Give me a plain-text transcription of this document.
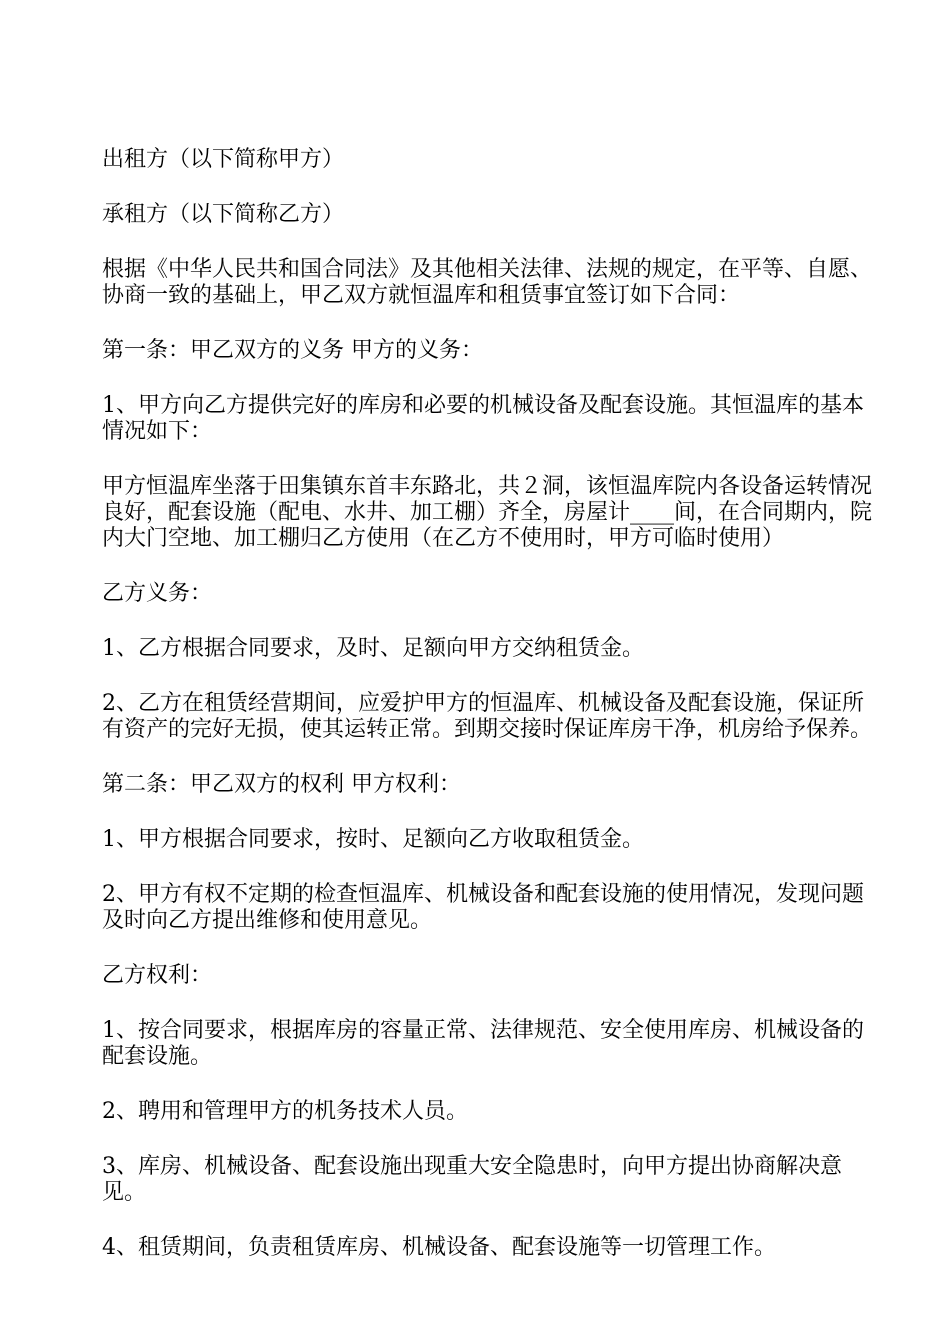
出租方（以下简称甲方）

承租方（以下简称乙方）

根据《中华人民共和国合同法》及其他相关法律、法规的规定，在平等、自愿、协商一致的基础上，甲乙双方就恒温库和租赁事宜签订如下合同：

第一条：甲乙双方的义务 甲方的义务：

1、甲方向乙方提供完好的库房和必要的机械设备及配套设施。其恒温库的基本情况如下：

甲方恒温库坐落于田集镇东首丰东路北，共２洞，该恒温库院内各设备运转情况良好，配套设施（配电、水井、加工棚）齐全，房屋计____间，在合同期内，院内大门空地、加工棚归乙方使用（在乙方不使用时，甲方可临时使用）

乙方义务：

1、乙方根据合同要求，及时、足额向甲方交纳租赁金。

2、乙方在租赁经营期间，应爱护甲方的恒温库、机械设备及配套设施，保证所有资产的完好无损，使其运转正常。到期交接时保证库房干净，机房给予保养。

第二条：甲乙双方的权利 甲方权利：

1、甲方根据合同要求，按时、足额向乙方收取租赁金。

2、甲方有权不定期的检查恒温库、机械设备和配套设施的使用情况，发现问题及时向乙方提出维修和使用意见。

乙方权利：

1、按合同要求，根据库房的容量正常、法律规范、安全使用库房、机械设备的配套设施。

2、聘用和管理甲方的机务技术人员。

3、库房、机械设备、配套设施出现重大安全隐患时，向甲方提出协商解决意见。

4、租赁期间，负责租赁库房、机械设备、配套设施等一切管理工作。
